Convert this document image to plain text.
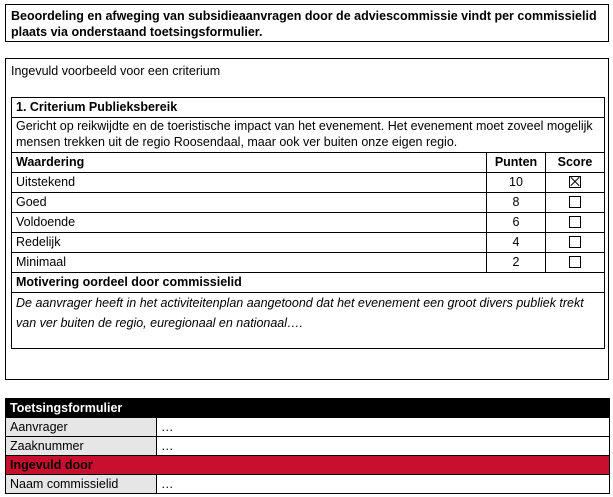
Beoordeling en afweging van subsidieaanvragen door de adviescommissie vindt per commissielid plaats via onderstaand toetsingsformulier.
Ingevuld voorbeeld voor een criterium
1. Criterium Publieksbereik		
Gericht op reikwijdte en de toeristische impact van het evenement. Het evenement moet zoveel mogelijk mensen trekken uit de regio Roosendaal, maar ook ver buiten onze eigen regio.		
Waardering	Punten	Score
Uitstekend	10	
Goed	8	
Voldoende	6	
Redelijk	4	
Minimaal	2	
Motivering oordeel door commissielid		
De aanvrager heeft in het activiteitenplan aangetoond dat het evenement een groot divers publiek trekt van ver buiten de regio, euregionaal en nationaal….		
Toetsingsformulier	
Aanvrager	…
Zaaknummer	…
Ingevuld door	
Naam commissielid	…
